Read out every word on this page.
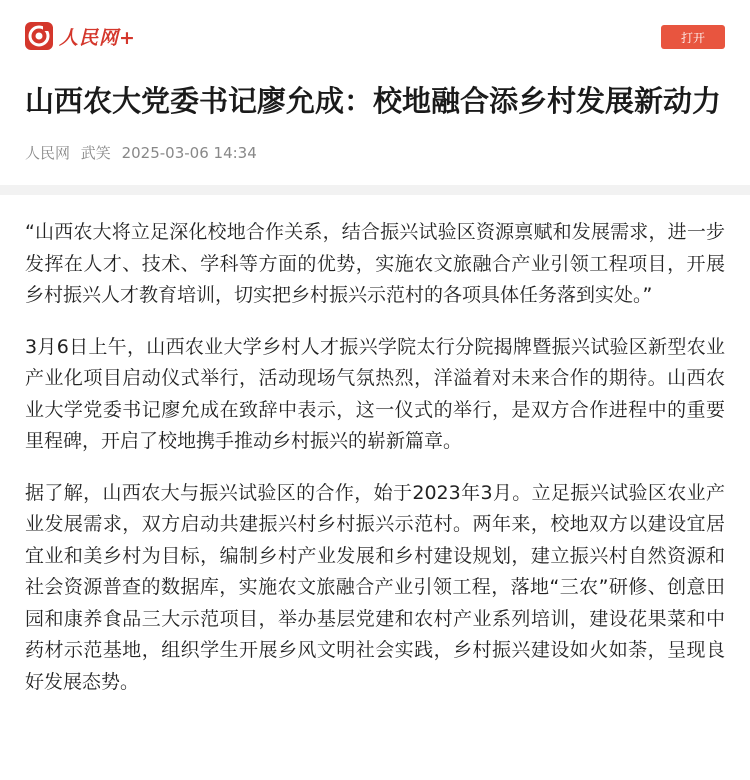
人民网+	打开
山西农大党委书记廖允成：校地融合添乡村发展新动力
人民网 武笑 2025-03-06 14:34

“山西农大将立足深化校地合作关系，结合振兴试验区资源禀赋和发展需求，进一步发挥在人才、技术、学科等方面的优势，实施农文旅融合产业引领工程项目，开展乡村振兴人才教育培训，切实把乡村振兴示范村的各项具体任务落到实处。”

3月6日上午，山西农业大学乡村人才振兴学院太行分院揭牌暨振兴试验区新型农业产业化项目启动仪式举行，活动现场气氛热烈，洋溢着对未来合作的期待。山西农业大学党委书记廖允成在致辞中表示，这一仪式的举行，是双方合作进程中的重要里程碑，开启了校地携手推动乡村振兴的崭新篇章。

据了解，山西农大与振兴试验区的合作，始于2023年3月。立足振兴试验区农业产业发展需求，双方启动共建振兴村乡村振兴示范村。两年来，校地双方以建设宜居宜业和美乡村为目标，编制乡村产业发展和乡村建设规划，建立振兴村自然资源和社会资源普查的数据库，实施农文旅融合产业引领工程，落地“三农”研修、创意田园和康养食品三大示范项目，举办基层党建和农村产业系列培训，建设花果菜和中药材示范基地，组织学生开展乡风文明社会实践，乡村振兴建设如火如荼，呈现良好发展态势。
